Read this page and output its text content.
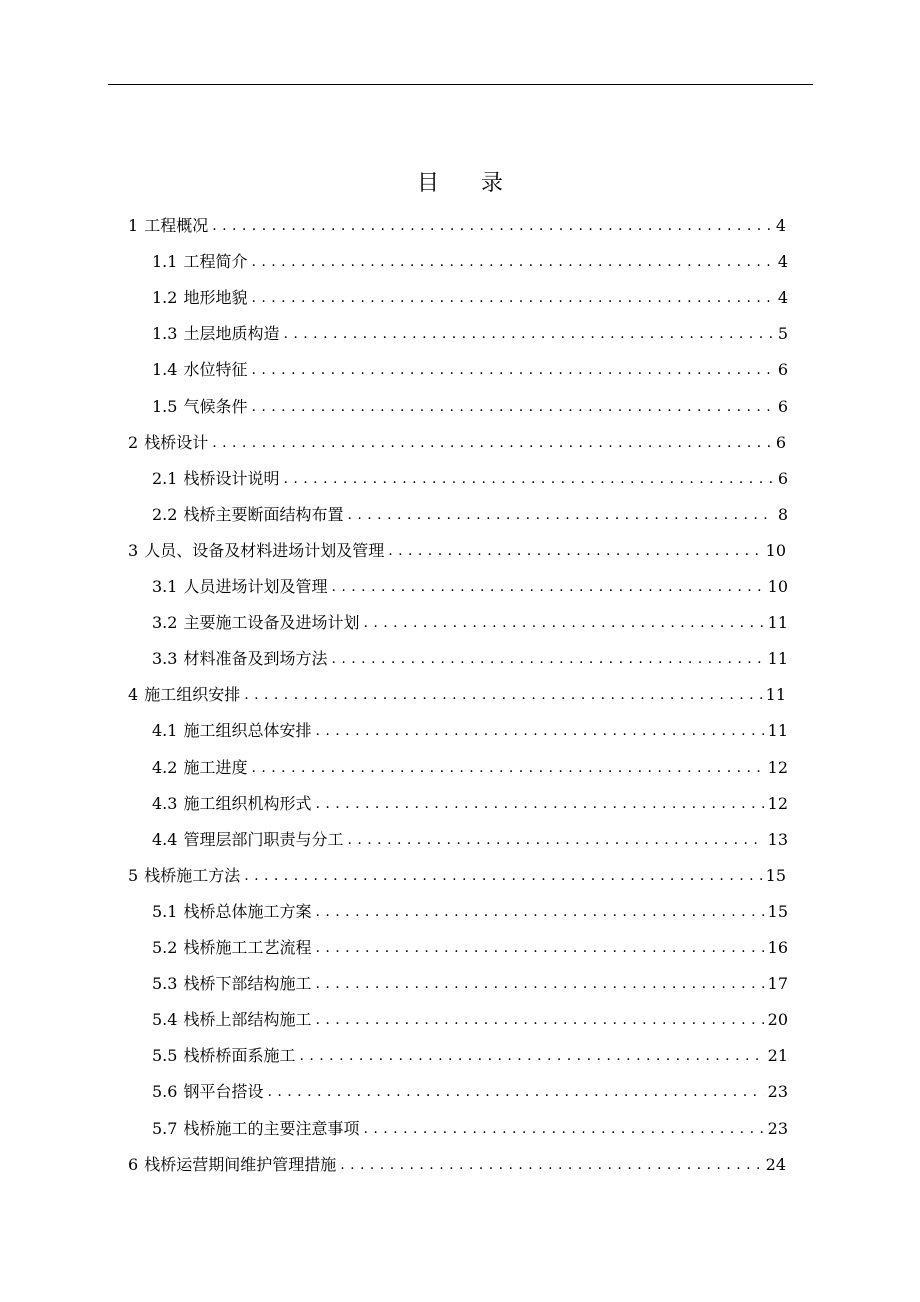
目 录
1 工程概况 . . .	4
1.1 工程简介 . . .	4
1.2 地形地貌 . . .	4
1.3 土层地质构造 . . .	5
1.4 水位特征 . . .	6
1.5 气候条件 . . .	6
2 栈桥设计 . . .	6
2.1 栈桥设计说明 . . .	6
2.2 栈桥主要断面结构布置 . . .	8
3 人员、设备及材料进场计划及管理 . . .	10
3.1 人员进场计划及管理 . . .	10
3.2 主要施工设备及进场计划 . . .	11
3.3 材料准备及到场方法 . . .	11
4 施工组织安排 . . .	11
4.1 施工组织总体安排 . . .	11
4.2 施工进度 . . .	12
4.3 施工组织机构形式 . . .	12
4.4 管理层部门职责与分工 . . .	13
5 栈桥施工方法 . . .	15
5.1 栈桥总体施工方案 . . .	15
5.2 栈桥施工工艺流程 . . .	16
5.3 栈桥下部结构施工 . . .	17
5.4 栈桥上部结构施工 . . .	20
5.5 栈桥桥面系施工 . . .	21
5.6 钢平台搭设 . . .	23
5.7 栈桥施工的主要注意事项 . . .	23
6 栈桥运营期间维护管理措施 . . .	24
